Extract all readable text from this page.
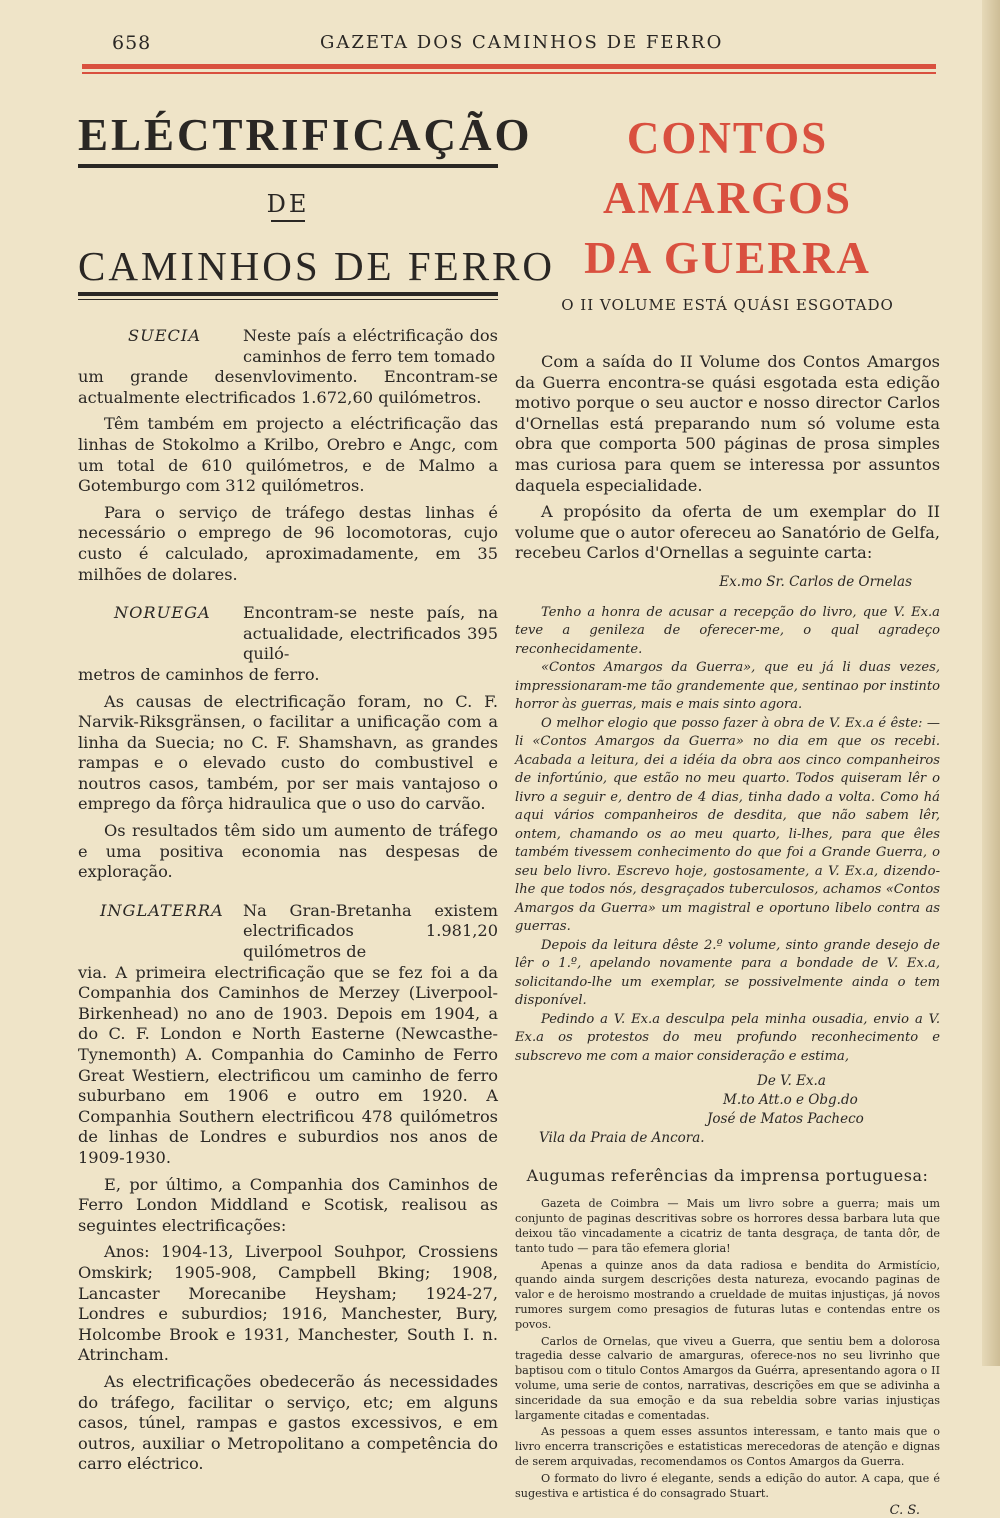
658	GAZETA DOS CAMINHOS DE FERRO
ELÉCTRIFICAÇÃO
DE
CAMINHOS DE FERRO
SUECIA	Neste país a eléctrificação dos caminhos de ferro tem tomado

um grande desenvlovimento. Encontram-se actualmente electrificados 1.672,60 quilómetros.

Têm também em projecto a eléctrificação das linhas de Stokolmo a Krilbo, Orebro e Angc, com um total de 610 quilómetros, e de Malmo a Gotemburgo com 312 quilómetros.

Para o serviço de tráfego destas linhas é necessário o emprego de 96 locomotoras, cujo custo é calculado, aproximadamente, em 35 milhões de dolares.

NORUEGA	Encontram-se neste país, na actualidade, electrificados 395 quiló-

metros de caminhos de ferro.

As causas de electrificação foram, no C. F. Narvik-Riksgränsen, o facilitar a unificação com a linha da Suecia; no C. F. Shamshavn, as grandes rampas e o elevado custo do combustivel e noutros casos, também, por ser mais vantajoso o emprego da fôrça hidraulica que o uso do carvão.

Os resultados têm sido um aumento de tráfego e uma positiva economia nas despesas de exploração.

INGLATERRA	Na Gran-Bretanha existem electrificados 1.981,20 quilómetros de

via. A primeira electrificação que se fez foi a da Companhia dos Caminhos de Merzey (Liverpool-Birkenhead) no ano de 1903. Depois em 1904, a do C. F. London e North Easterne (Newcasthe-Tynemonth) A. Companhia do Caminho de Ferro Great Westiern, electrificou um caminho de ferro suburbano em 1906 e outro em 1920. A Companhia Southern electrificou 478 quilómetros de linhas de Londres e suburdios nos anos de 1909-1930.

E, por último, a Companhia dos Caminhos de Ferro London Middland e Scotisk, realisou as seguintes electrificações:

Anos: 1904-13, Liverpool Souhpor, Crossiens Omskirk; 1905-908, Campbell Bking; 1908, Lancaster Morecanibe Heysham; 1924-27, Londres e suburdios; 1916, Manchester, Bury, Holcombe Brook e 1931, Manchester, South I. n. Atrincham.

As electrificações obedecerão ás necessidades do tráfego, facilitar o serviço, etc; em alguns casos, túnel, rampas e gastos excessivos, e em outros, auxiliar o Metropolitano a competência do carro eléctrico.

CONTOS AMARGOS
DA GUERRA
O II VOLUME ESTÁ QUÁSI ESGOTADO

Com a saída do II Volume dos Contos Amargos da Guerra encontra-se quási esgotada esta edição motivo porque o seu auctor e nosso director Carlos d'Ornellas está preparando num só volume esta obra que comporta 500 páginas de prosa simples mas curiosa para quem se interessa por assuntos daquela especialidade.

A propósito da oferta de um exemplar do II volume que o autor ofereceu ao Sanatório de Gelfa, recebeu Carlos d'Ornellas a seguinte carta:

Ex.mo Sr. Carlos de Ornelas

Tenho a honra de acusar a recepção do livro, que V. Ex.a teve a genileza de oferecer-me, o qual agradeço reconhecidamente.

«Contos Amargos da Guerra», que eu já li duas vezes, impressionaram-me tão grandemente que, sentinao por instinto horror às guerras, mais e mais sinto agora.

O melhor elogio que posso fazer à obra de V. Ex.a é êste: — li «Contos Amargos da Guerra» no dia em que os recebi. Acabada a leitura, dei a idéia da obra aos cinco companheiros de infortúnio, que estão no meu quarto. Todos quiseram lêr o livro a seguir e, dentro de 4 dias, tinha dado a volta. Como há aqui vários companheiros de desdita, que não sabem lêr, ontem, chamando os ao meu quarto, li-lhes, para que êles também tivessem conhecimento do que foi a Grande Guerra, o seu belo livro. Escrevo hoje, gostosamente, a V. Ex.a, dizendo-lhe que todos nós, desgraçados tuberculosos, achamos «Contos Amargos da Guerra» um magistral e oportuno libelo contra as guerras.

Depois da leitura dêste 2.º volume, sinto grande desejo de lêr o 1.º, apelando novamente para a bondade de V. Ex.a, solicitando-lhe um exemplar, se possivelmente ainda o tem disponível.

Pedindo a V. Ex.a desculpa pela minha ousadia, envio a V. Ex.a os protestos do meu profundo reconhecimento e subscrevo me com a maior consideração e estima,

De V. Ex.a
M.to Att.o e Obg.do
José de Matos Pacheco
Vila da Praia de Ancora.
Augumas referências da imprensa portuguesa:

Gazeta de Coimbra — Mais um livro sobre a guerra; mais um conjunto de paginas descritivas sobre os horrores dessa barbara luta que deixou tão vincadamente a cicatriz de tanta desgraça, de tanta dôr, de tanto tudo — para tão efemera gloria!

Apenas a quinze anos da data radiosa e bendita do Armistício, quando ainda surgem descrições desta natureza, evocando paginas de valor e de heroismo mostrando a crueldade de muitas injustiças, já novos rumores surgem como presagios de futuras lutas e contendas entre os povos.

Carlos de Ornelas, que viveu a Guerra, que sentiu bem a dolorosa tragedia desse calvario de amarguras, oferece-nos no seu livrinho que baptisou com o titulo Contos Amargos da Guérra, apresentando agora o II volume, uma serie de contos, narrativas, descrições em que se adivinha a sinceridade da sua emoção e da sua rebeldia sobre varias injustiças largamente citadas e comentadas.

As pessoas a quem esses assuntos interessam, e tanto mais que o livro encerra transcrições e estatisticas merecedoras de atenção e dignas de serem arquivadas, recomendamos os Contos Amargos da Guerra.

O formato do livro é elegante, sends a edição do autor. A capa, que é sugestiva e artistica é do consagrado Stuart.

C. S.
